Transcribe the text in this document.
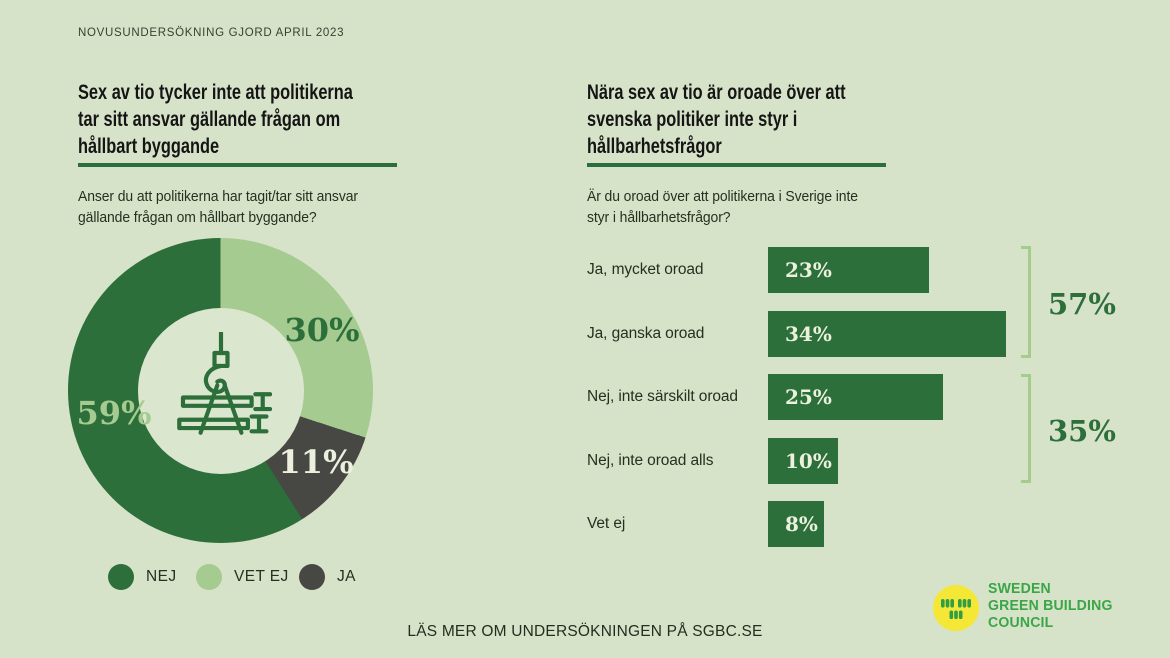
NOVUSUNDERSÖKNING GJORD APRIL 2023
Sex av tio tycker inte att politikerna
tar sitt ansvar gällande frågan om
hållbart byggande
Anser du att politikerna har tagit/tar sitt ansvar
gällande frågan om hållbart byggande?
30%
11%
59%
NEJ	VET EJ	JA
Nära sex av tio är oroade över att
svenska politiker inte styr i
hållbarhetsfrågor
Är du oroad över att politikerna i Sverige inte
styr i hållbarhetsfrågor?
Ja, mycket oroad	23%
Ja, ganska oroad	34%
Nej, inte särskilt oroad	25%
Nej, inte oroad alls	10%
Vet ej	8%
57%
35%
LÄS MER OM UNDERSÖKNINGEN PÅ SGBC.SE
SWEDEN
GREEN BUILDING
COUNCIL
